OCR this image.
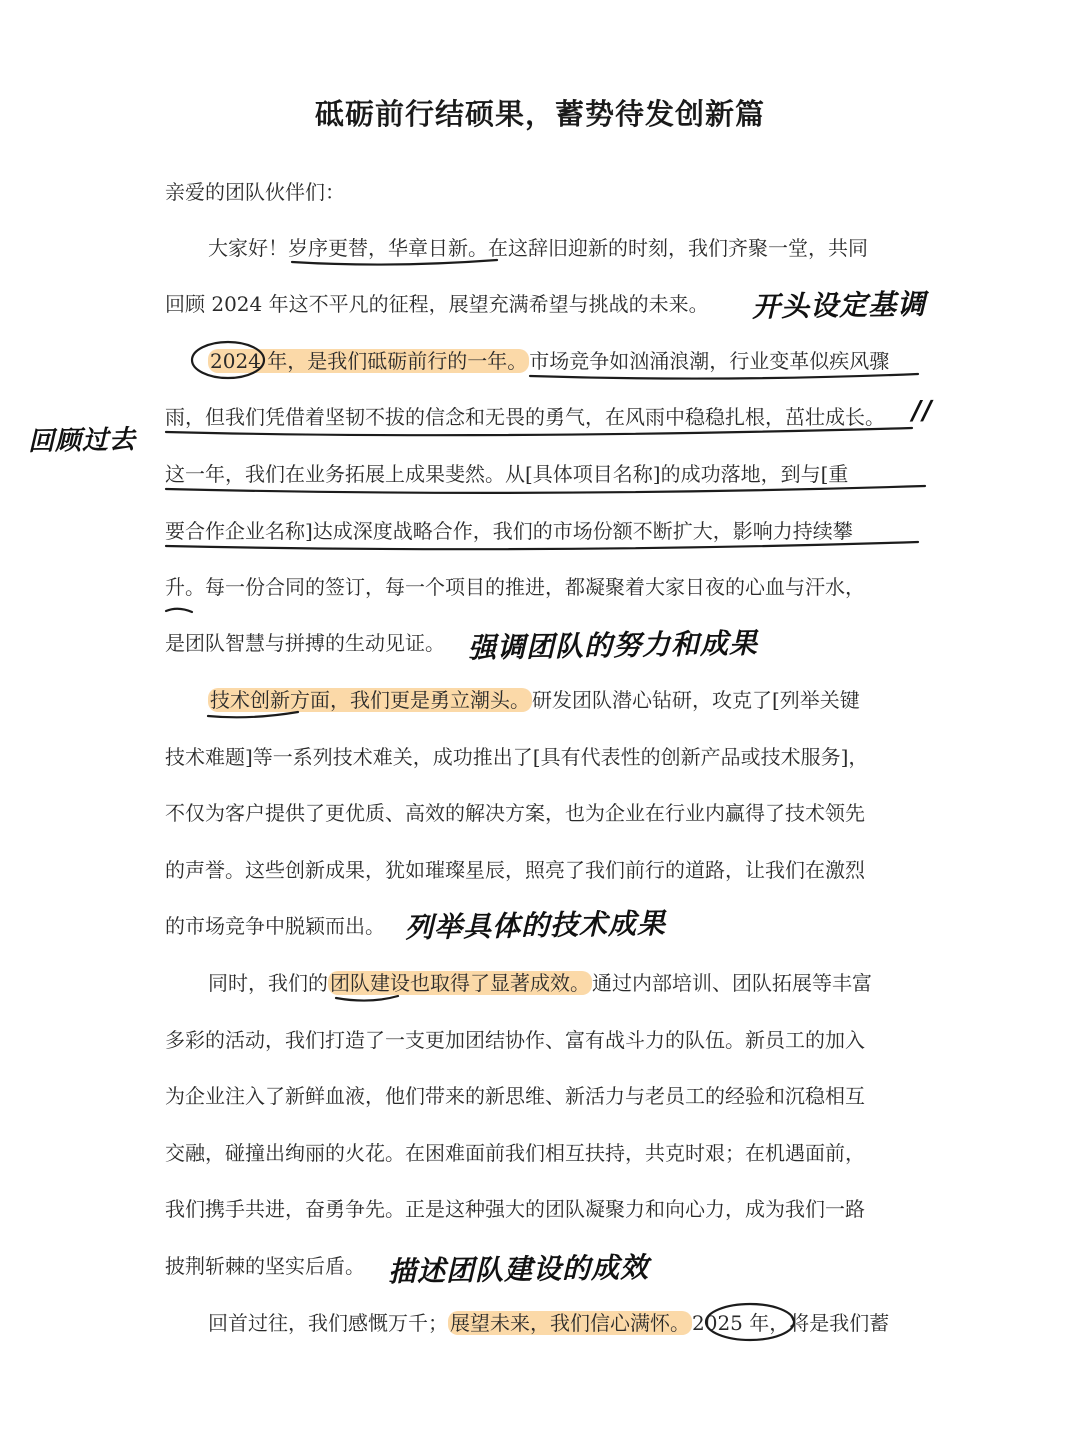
砥砺前行结硕果，蓄势待发创新篇
亲爱的团队伙伴们：
大家好！岁序更替，华章日新。在这辞旧迎新的时刻，我们齐聚一堂，共同
回顾 2024 年这不平凡的征程，展望充满希望与挑战的未来。
2024 年，是我们砥砺前行的一年。 市场竞争如汹涌浪潮，行业变革似疾风骤
雨，但我们凭借着坚韧不拔的信念和无畏的勇气，在风雨中稳稳扎根，茁壮成长。
这一年，我们在业务拓展上成果斐然。从[具体项目名称]的成功落地，到与[重
要合作企业名称]达成深度战略合作，我们的市场份额不断扩大，影响力持续攀
升。每一份合同的签订，每一个项目的推进，都凝聚着大家日夜的心血与汗水，
是团队智慧与拼搏的生动见证。
技术创新方面，我们更是勇立潮头。 研发团队潜心钻研，攻克了[列举关键
技术难题]等一系列技术难关，成功推出了[具有代表性的创新产品或技术服务]，
不仅为客户提供了更优质、高效的解决方案，也为企业在行业内赢得了技术领先
的声誉。这些创新成果，犹如璀璨星辰，照亮了我们前行的道路，让我们在激烈
的市场竞争中脱颖而出。
同时，我们的 团队建设也取得了显著成效。 通过内部培训、团队拓展等丰富
多彩的活动，我们打造了一支更加团结协作、富有战斗力的队伍。新员工的加入
为企业注入了新鲜血液，他们带来的新思维、新活力与老员工的经验和沉稳相互
交融，碰撞出绚丽的火花。在困难面前我们相互扶持，共克时艰；在机遇面前，
我们携手共进，奋勇争先。正是这种强大的团队凝聚力和向心力，成为我们一路
披荆斩棘的坚实后盾。
回首过往，我们感慨万千； 展望未来，我们信心满怀。 2025 年，将是我们蓄
开头设定基调
回顾过去
//
强调团队的努力和成果
列举具体的技术成果
描述团队建设的成效
